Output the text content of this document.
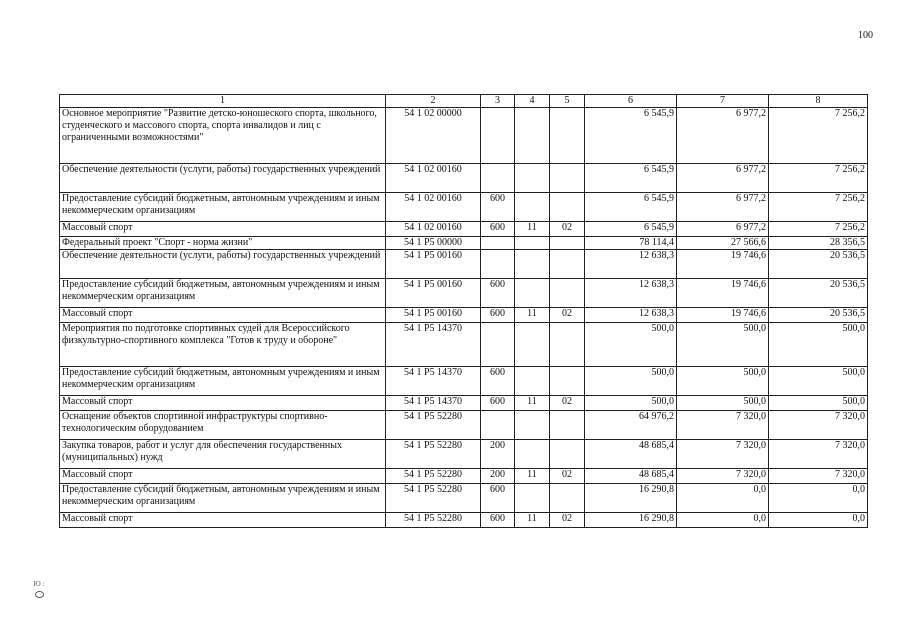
100
1	2	3	4	5	6	7	8
Основное мероприятие "Развитие детско-юношеского спорта, школьного, студенческого и массового спорта, спорта инвалидов и лиц с ограниченными возможностями"	54 1 02 00000				6 545,9	6 977,2	7 256,2
Обеспечение деятельности (услуги, работы) государственных учреждений	54 1 02 00160				6 545,9	6 977,2	7 256,2
Предоставление субсидий бюджетным, автономным учреждениям и иным некоммерческим организациям	54 1 02 00160	600			6 545,9	6 977,2	7 256,2
Массовый спорт	54 1 02 00160	600	11	02	6 545,9	6 977,2	7 256,2
Федеральный проект "Спорт - норма жизни"	54 1 P5 00000				78 114,4	27 566,6	28 356,5
Обеспечение деятельности (услуги, работы) государственных учреждений	54 1 P5 00160				12 638,3	19 746,6	20 536,5
Предоставление субсидий бюджетным, автономным учреждениям и иным некоммерческим организациям	54 1 P5 00160	600			12 638,3	19 746,6	20 536,5
Массовый спорт	54 1 P5 00160	600	11	02	12 638,3	19 746,6	20 536,5
Мероприятия по подготовке спортивных судей для Всероссийского физкультурно-спортивного комплекса "Готов к труду и обороне"	54 1 P5 14370				500,0	500,0	500,0
Предоставление субсидий бюджетным, автономным учреждениям и иным некоммерческим организациям	54 1 P5 14370	600			500,0	500,0	500,0
Массовый спорт	54 1 P5 14370	600	11	02	500,0	500,0	500,0
Оснащение объектов спортивной инфраструктуры спортивно-технологическим оборудованием	54 1 P5 52280				64 976,2	7 320,0	7 320,0
Закупка товаров, работ и услуг для обеспечения государственных (муниципальных) нужд	54 1 P5 52280	200			48 685,4	7 320,0	7 320,0
Массовый спорт	54 1 P5 52280	200	11	02	48 685,4	7 320,0	7 320,0
Предоставление субсидий бюджетным, автономным учреждениям и иным некоммерческим организациям	54 1 P5 52280	600			16 290,8	0,0	0,0
Массовый спорт	54 1 P5 52280	600	11	02	16 290,8	0,0	0,0
Ю :
